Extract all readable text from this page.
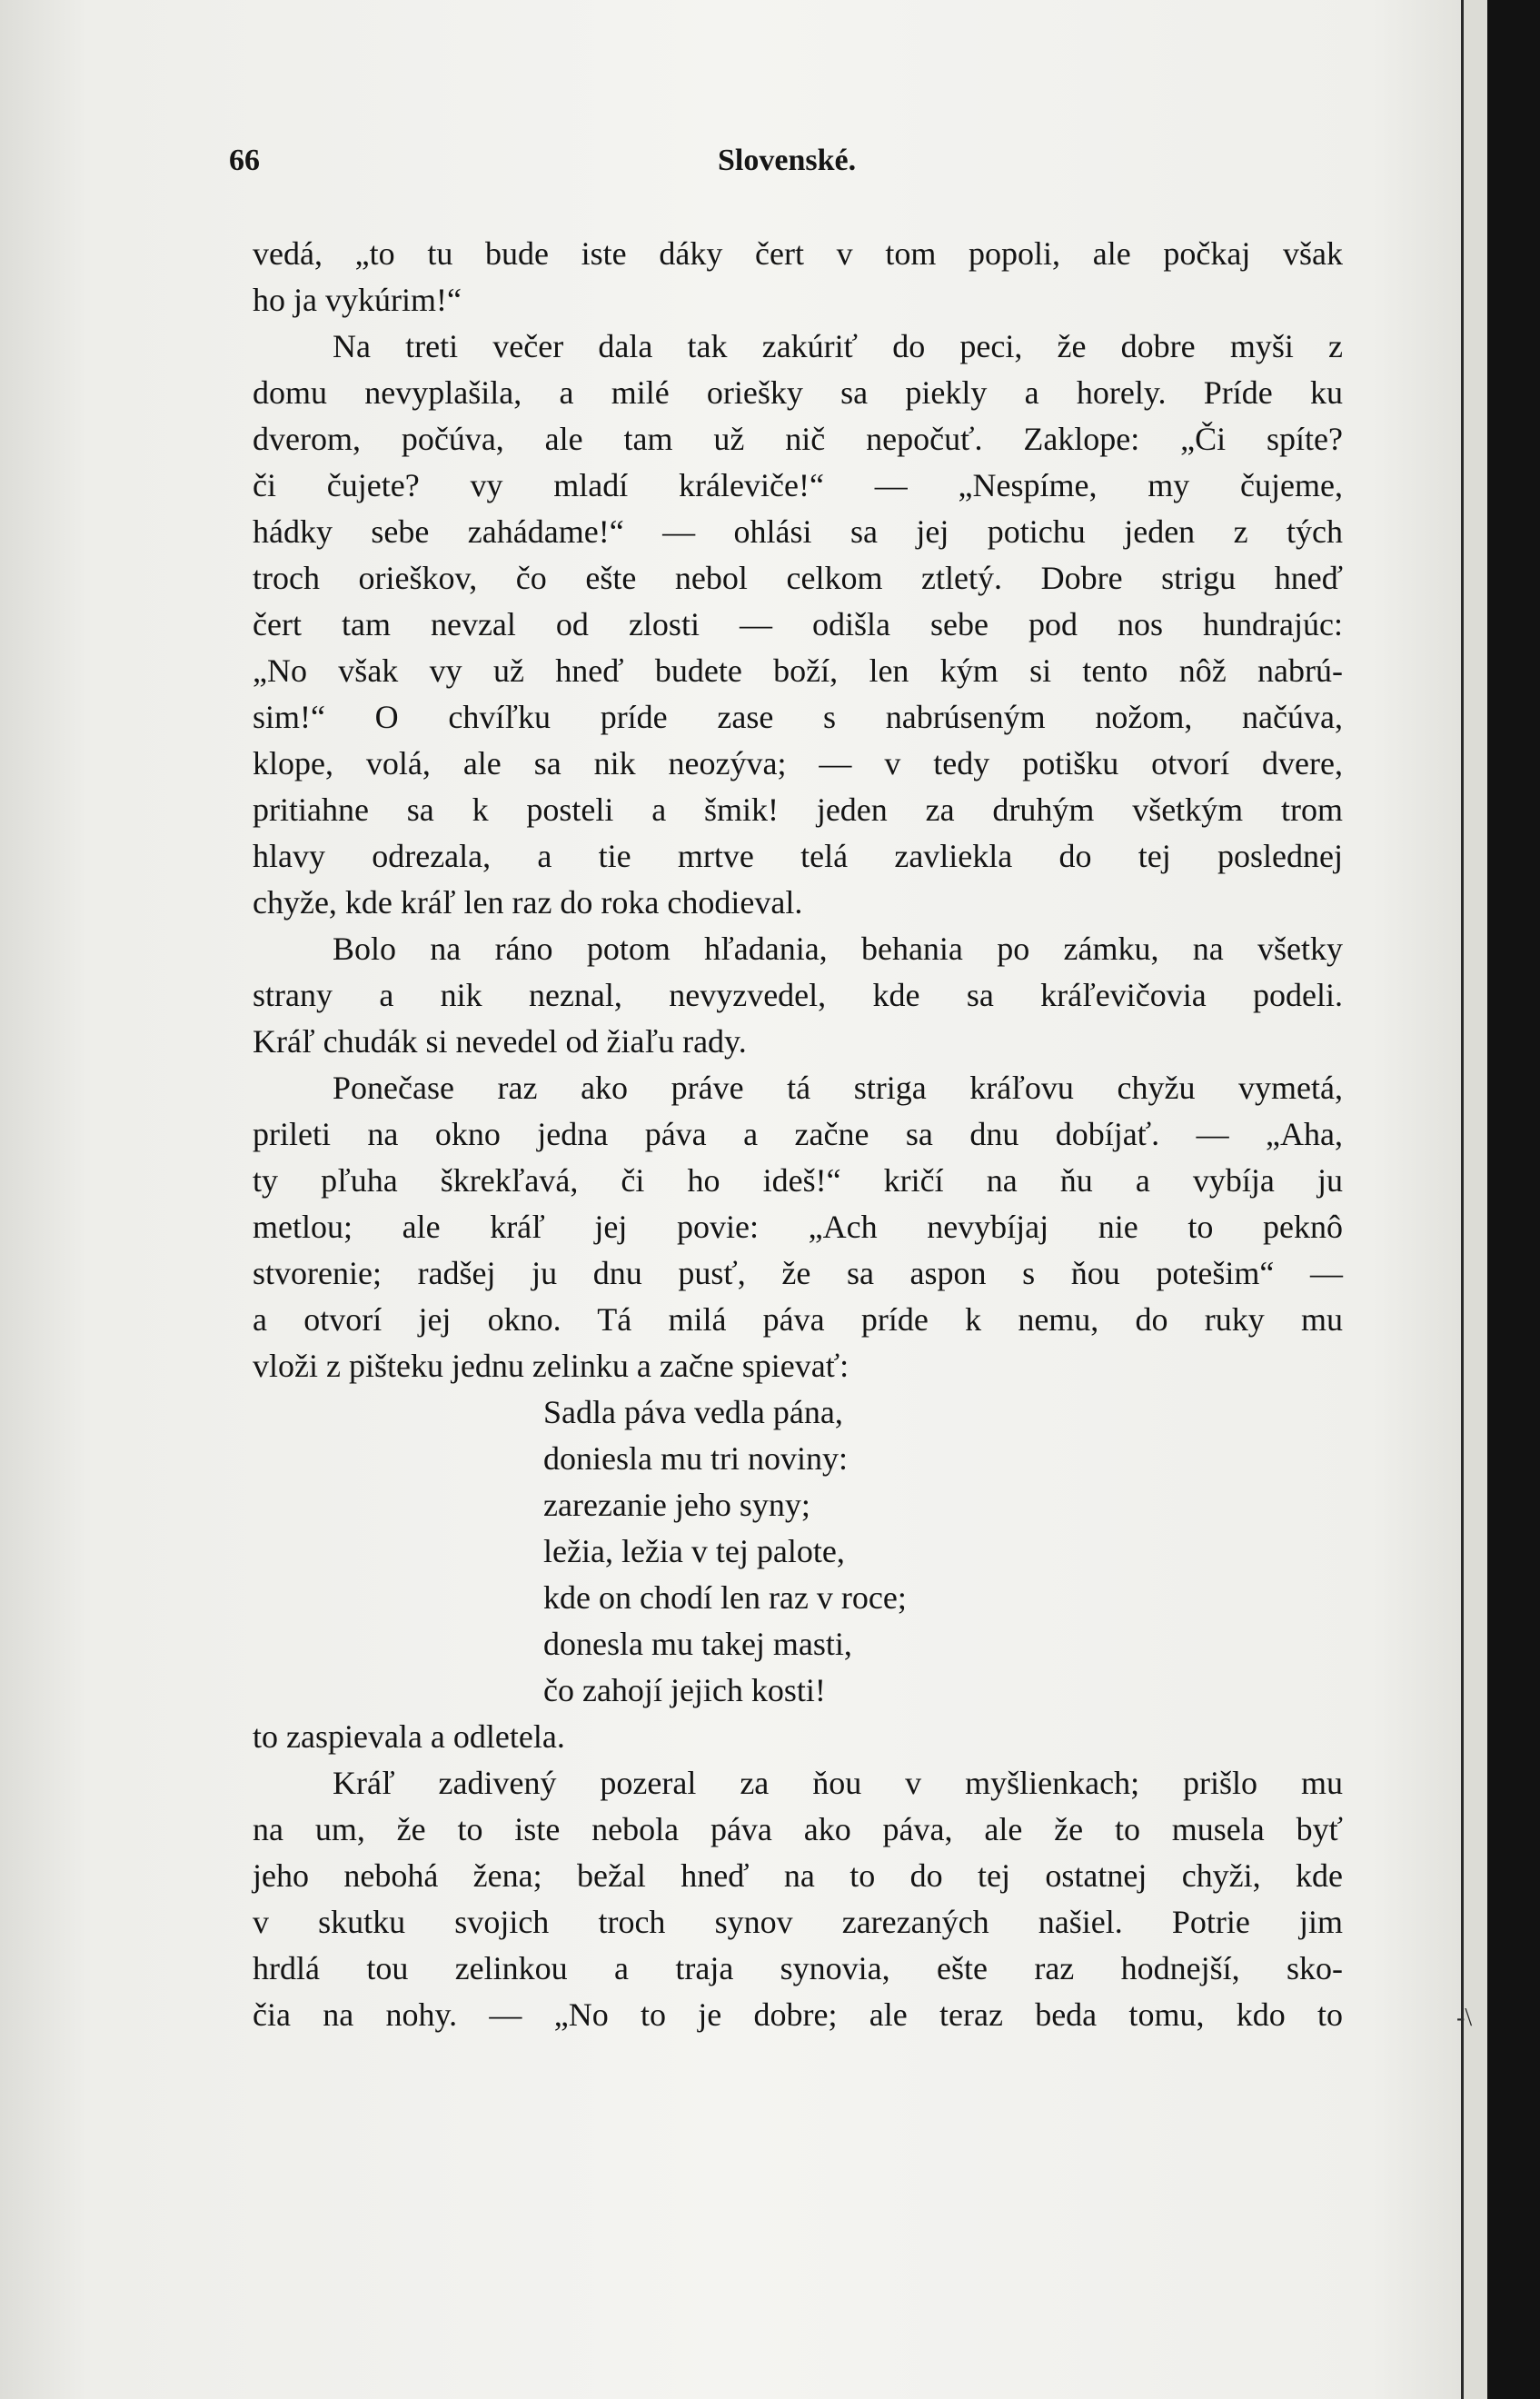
66	Slovenské.
vedá, „to tu bude iste dáky čert v tom popoli, ale počkaj však
ho ja vykúrim!“
Na treti večer dala tak zakúriť do peci, že dobre myši z
domu nevyplašila, a milé oriešky sa piekly a horely. Príde ku
dverom, počúva, ale tam už nič nepočuť. Zaklope: „Či spíte?
či čujete? vy mladí králeviče!“ — „Nespíme, my čujeme,
hádky sebe zahádame!“ — ohlási sa jej potichu jeden z tých
troch orieškov, čo ešte nebol celkom ztletý. Dobre strigu hneď
čert tam nevzal od zlosti — odišla sebe pod nos hundrajúc:
„No však vy už hneď budete boží, len kým si tento nôž nabrú-
sim!“ O chvíľku príde zase s nabrúseným nožom, načúva,
klope, volá, ale sa nik neozýva; — v tedy potišku otvorí dvere,
pritiahne sa k posteli a šmik! jeden za druhým všetkým trom
hlavy odrezala, a tie mrtve telá zavliekla do tej poslednej
chyže, kde kráľ len raz do roka chodieval.
Bolo na ráno potom hľadania, behania po zámku, na všetky
strany a nik neznal, nevyzvedel, kde sa kráľevičovia podeli.
Kráľ chudák si nevedel od žiaľu rady.
Ponečase raz ako práve tá striga kráľovu chyžu vymetá,
prileti na okno jedna páva a začne sa dnu dobíjať. — „Aha,
ty pľuha škrekľavá, či ho ideš!“ kričí na ňu a vybíja ju
metlou; ale kráľ jej povie: „Ach nevybíjaj nie to peknô
stvorenie; radšej ju dnu pusť, že sa aspon s ňou potešim“ —
a otvorí jej okno. Tá milá páva príde k nemu, do ruky mu
vloži z pišteku jednu zelinku a začne spievať:
Sadla páva vedla pána,
doniesla mu tri noviny:
zarezanie jeho syny;
ležia, ležia v tej palote,
kde on chodí len raz v roce;
donesla mu takej masti,
čo zahojí jejich kosti!
to zaspievala a odletela.
Kráľ zadivený pozeral za ňou v myšlienkach; prišlo mu
na um, že to iste nebola páva ako páva, ale že to musela byť
jeho nebohá žena; bežal hneď na to do tej ostatnej chyži, kde
v skutku svojich troch synov zarezaných našiel. Potrie jim
hrdlá tou zelinkou a traja synovia, ešte raz hodnejší, sko-
čia na nohy. — „No to je dobre; ale teraz beda tomu, kdo to	-\
